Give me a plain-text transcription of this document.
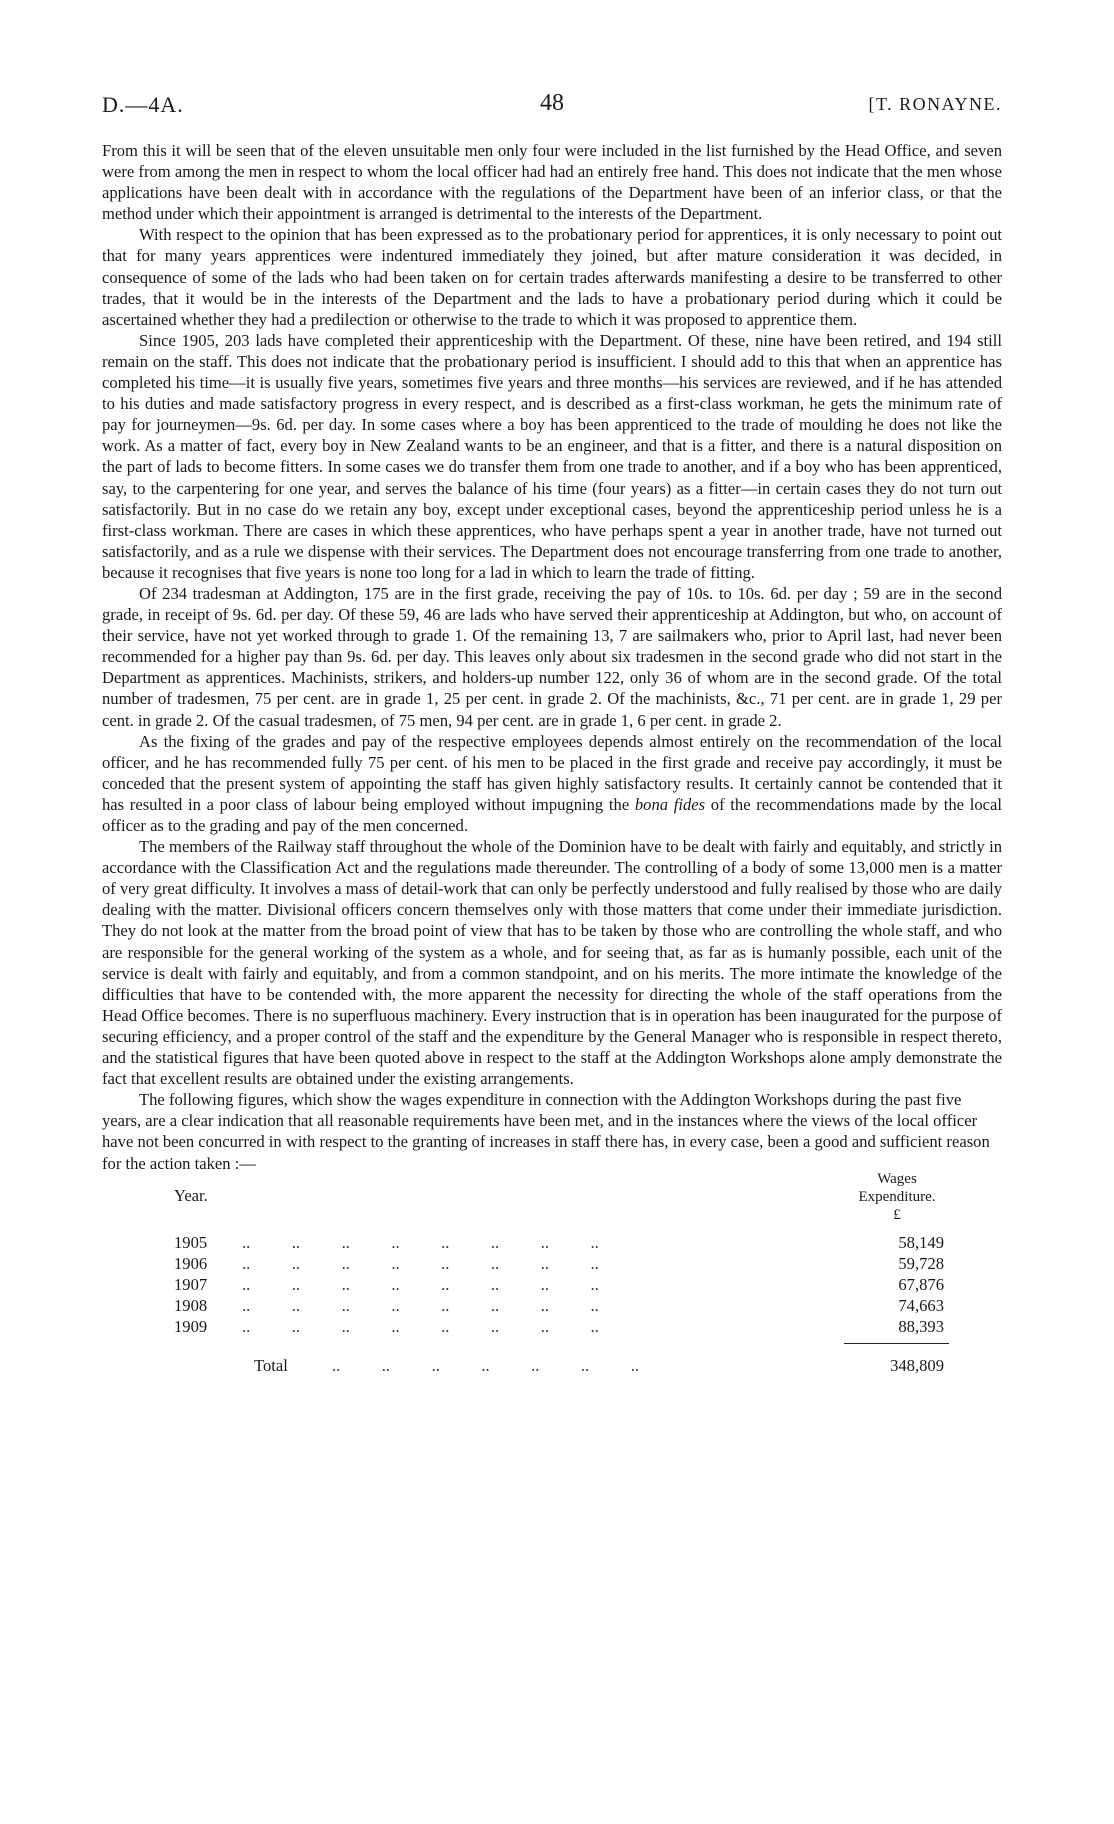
D.—4A.	48	[T. RONAYNE.

From this it will be seen that of the eleven unsuitable men only four were included in the list furnished by the Head Office, and seven were from among the men in respect to whom the local officer had had an entirely free hand. This does not indicate that the men whose applications have been dealt with in accordance with the regulations of the Department have been of an inferior class, or that the method under which their appointment is arranged is detrimental to the interests of the Department.

With respect to the opinion that has been expressed as to the probationary period for apprentices, it is only necessary to point out that for many years apprentices were indentured immediately they joined, but after mature consideration it was decided, in consequence of some of the lads who had been taken on for certain trades afterwards manifesting a desire to be transferred to other trades, that it would be in the interests of the Department and the lads to have a probationary period during which it could be ascertained whether they had a predilection or otherwise to the trade to which it was proposed to apprentice them.

Since 1905, 203 lads have completed their apprenticeship with the Department. Of these, nine have been retired, and 194 still remain on the staff. This does not indicate that the probationary period is insufficient. I should add to this that when an apprentice has completed his time—it is usually five years, sometimes five years and three months—his services are reviewed, and if he has attended to his duties and made satisfactory progress in every respect, and is described as a first-class workman, he gets the minimum rate of pay for journeymen—9s. 6d. per day. In some cases where a boy has been apprenticed to the trade of moulding he does not like the work. As a matter of fact, every boy in New Zealand wants to be an engineer, and that is a fitter, and there is a natural disposition on the part of lads to become fitters. In some cases we do transfer them from one trade to another, and if a boy who has been apprenticed, say, to the carpentering for one year, and serves the balance of his time (four years) as a fitter—in certain cases they do not turn out satisfactorily. But in no case do we retain any boy, except under exceptional cases, beyond the apprenticeship period unless he is a first-class workman. There are cases in which these apprentices, who have perhaps spent a year in another trade, have not turned out satisfactorily, and as a rule we dispense with their services. The Department does not encourage transferring from one trade to another, because it recognises that five years is none too long for a lad in which to learn the trade of fitting.

Of 234 tradesman at Addington, 175 are in the first grade, receiving the pay of 10s. to 10s. 6d. per day ; 59 are in the second grade, in receipt of 9s. 6d. per day. Of these 59, 46 are lads who have served their apprenticeship at Addington, but who, on account of their service, have not yet worked through to grade 1. Of the remaining 13, 7 are sailmakers who, prior to April last, had never been recommended for a higher pay than 9s. 6d. per day. This leaves only about six tradesmen in the second grade who did not start in the Department as apprentices. Machinists, strikers, and holders-up number 122, only 36 of whom are in the second grade. Of the total number of tradesmen, 75 per cent. are in grade 1, 25 per cent. in grade 2. Of the machinists, &c., 71 per cent. are in grade 1, 29 per cent. in grade 2. Of the casual tradesmen, of 75 men, 94 per cent. are in grade 1, 6 per cent. in grade 2.

As the fixing of the grades and pay of the respective employees depends almost entirely on the recommendation of the local officer, and he has recommended fully 75 per cent. of his men to be placed in the first grade and receive pay accordingly, it must be conceded that the present system of appointing the staff has given highly satisfactory results. It certainly cannot be contended that it has resulted in a poor class of labour being employed without impugning the bona fides of the recommendations made by the local officer as to the grading and pay of the men concerned.

The members of the Railway staff throughout the whole of the Dominion have to be dealt with fairly and equitably, and strictly in accordance with the Classification Act and the regulations made thereunder. The controlling of a body of some 13,000 men is a matter of very great difficulty. It involves a mass of detail-work that can only be perfectly understood and fully realised by those who are daily dealing with the matter. Divisional officers concern themselves only with those matters that come under their immediate jurisdiction. They do not look at the matter from the broad point of view that has to be taken by those who are controlling the whole staff, and who are responsible for the general working of the system as a whole, and for seeing that, as far as is humanly possible, each unit of the service is dealt with fairly and equitably, and from a common standpoint, and on his merits. The more intimate the knowledge of the difficulties that have to be contended with, the more apparent the necessity for directing the whole of the staff operations from the Head Office becomes. There is no superfluous machinery. Every instruction that is in operation has been inaugurated for the purpose of securing efficiency, and a proper control of the staff and the expenditure by the General Manager who is responsible in respect thereto, and the statistical figures that have been quoted above in respect to the staff at the Addington Workshops alone amply demonstrate the fact that excellent results are obtained under the existing arrangements.

The following figures, which show the wages expenditure in connection with the Addington Workshops during the past five years, are a clear indication that all reasonable requirements have been met, and in the instances where the views of the local officer have not been concurred in with respect to the granting of increases in staff there has, in every case, been a good and sufficient reason for the action taken :—

Year.
Wages
Expenditure.
£
1905 ..          ..          ..          ..          ..          ..          ..          ..	58,149
1906 ..          ..          ..          ..          ..          ..          ..          ..	59,728
1907 ..          ..          ..          ..          ..          ..          ..          ..	67,876
1908 ..          ..          ..          ..          ..          ..          ..          ..	74,663
1909 ..          ..          ..          ..          ..          ..          ..          ..	88,393
Total	..          ..          ..          ..          ..          ..          ..	348,809
